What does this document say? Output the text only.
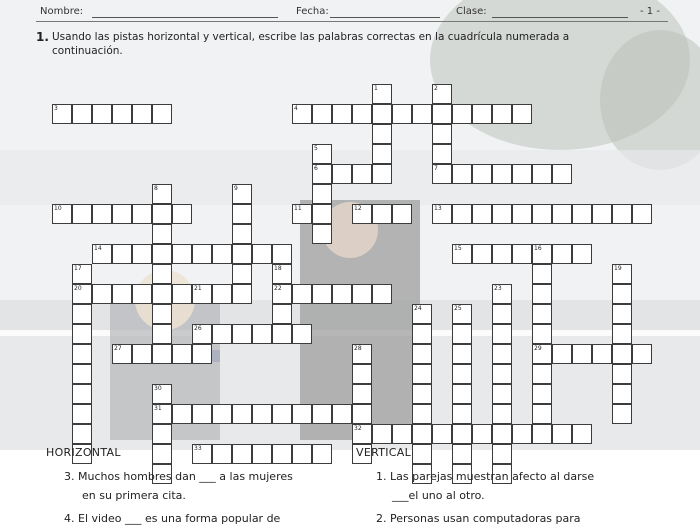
Nombre:	Fecha:	Clase:	- 1 -
1. Usando las pistas horizontal y vertical, escribe las palabras correctas en la cuadrícula numerada a continuación.
3	4
1	2
5
6	7
8	9
10	11	12	13
14	15	16
17	18	19
20	21	22	23
24	25
26
27	28	29
30
31
32
33
HORIZONTAL	VERTICAL
3. Muchos hombres dan ___ a las mujeres
en su primera cita.
4. El video ___ es una forma popular de
1. Las parejas muestran afecto al darse
___el uno al otro.
2. Personas usan computadoras para
